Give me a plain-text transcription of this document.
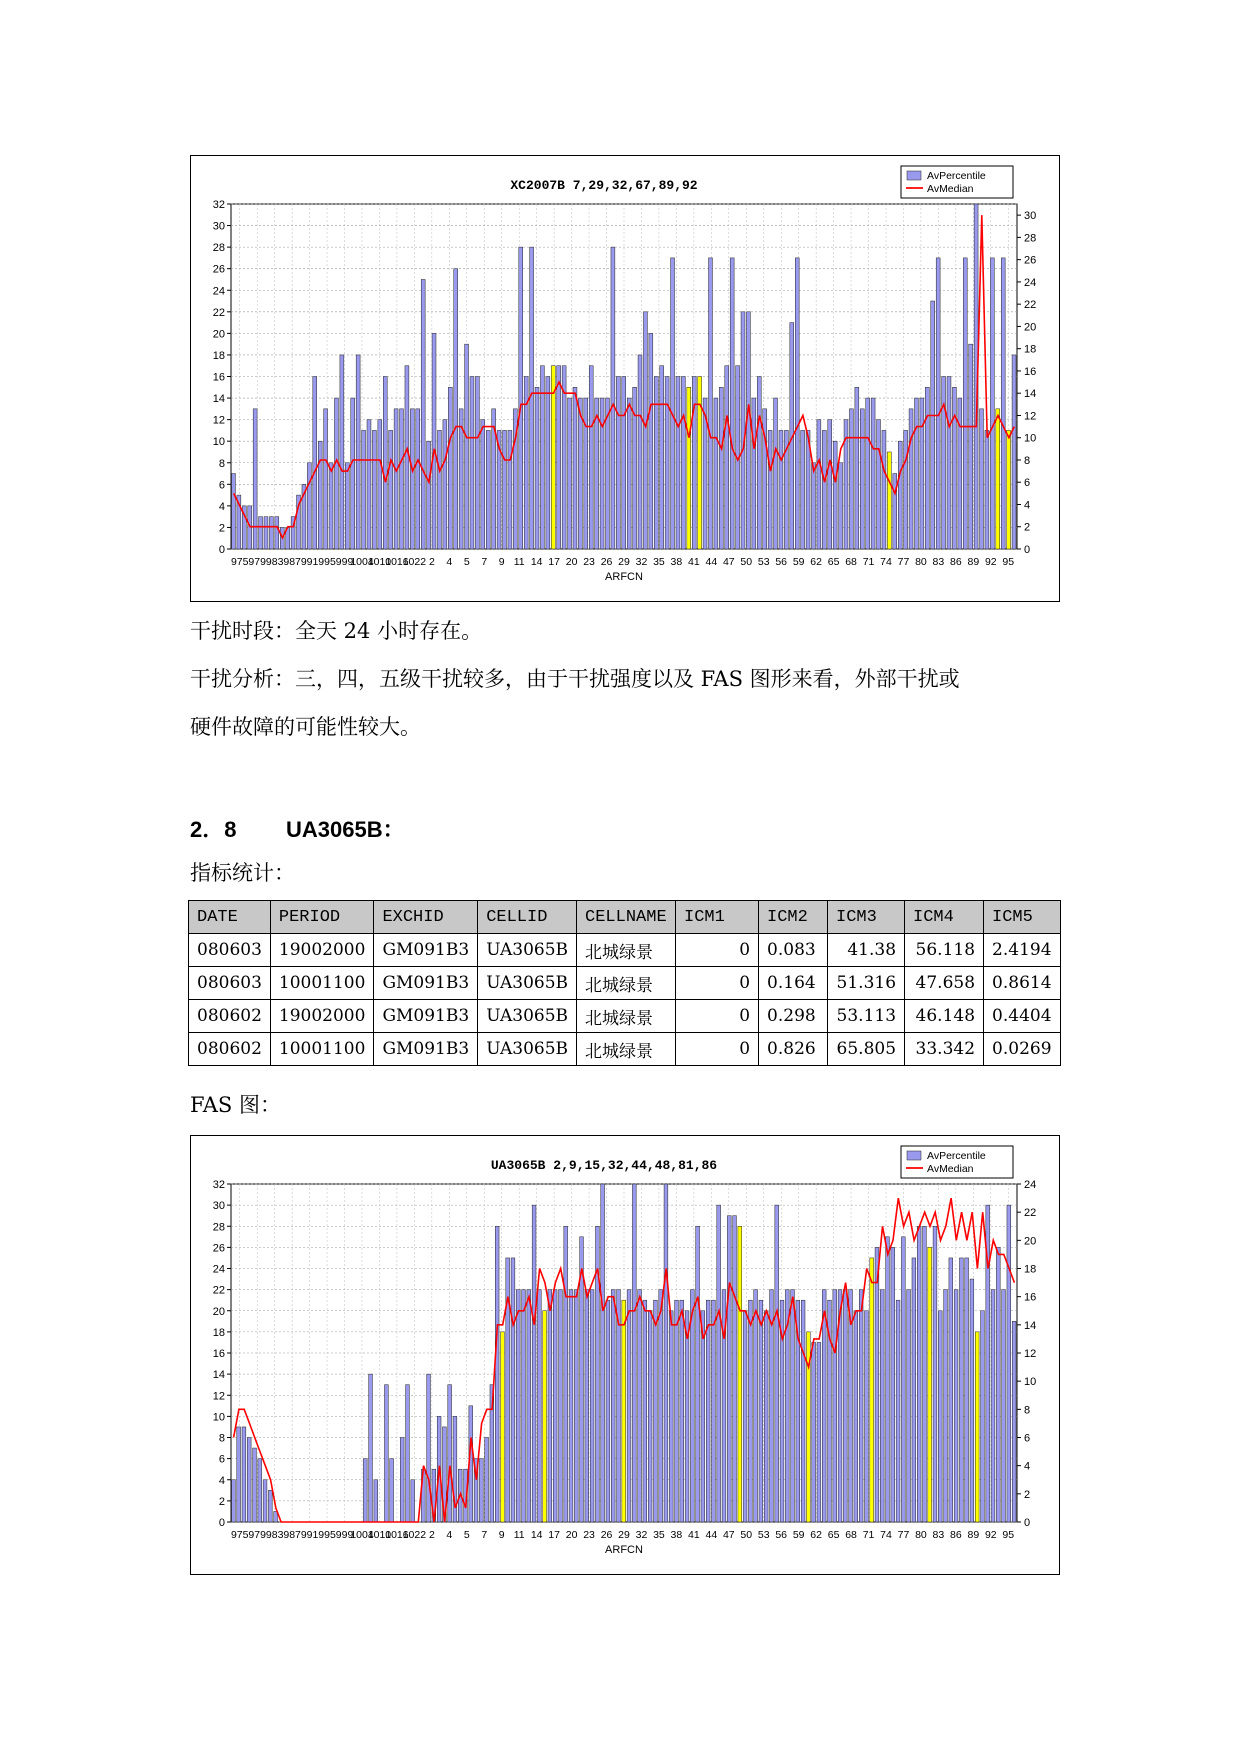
0
2
4
6
8
10
12
14
16
18
20
22
24
26
28
30
32
0
2
4
6
8
10
12
14
16
18
20
22
24
26
28
30
975 979 983 987 991 995 999
1004
1010
1016
1022 2 4 5 7 9 11 14 17 20 23 26 29 32 35 38 41 44 47 50 53 56 59 62 65 68 71 74 77 80 83 86 89 92 95
ARFCN
XC2007B 7,29,32,67,89,92
AvPercentile
AvMedian
干扰时段：全天 24 小时存在。
干扰分析：三，四，五级干扰较多，由于干扰强度以及 FAS 图形来看，外部干扰或
硬件故障的可能性较大。
2．8 UA3065B：
指标统计：
DATE	PERIOD	EXCHID	CELLID	CELLNAME	ICM1	ICM2	ICM3	ICM4	ICM5
080603	19002000	GM091B3	UA3065B	北城绿景	0	0.083	41.38	56.118	2.4194
080603	10001100	GM091B3	UA3065B	北城绿景	0	0.164	51.316	47.658	0.8614
080602	19002000	GM091B3	UA3065B	北城绿景	0	0.298	53.113	46.148	0.4404
080602	10001100	GM091B3	UA3065B	北城绿景	0	0.826	65.805	33.342	0.0269
FAS 图：
0
2
4
6
8
10
12
14
16
18
20
22
24
26
28
30
32
0
2
4
6
8
10
12
14
16
18
20
22
24
975 979 983 987 991 995 999
1004
1010
1016
1022 2 4 5 7 9 11 14 17 20 23 26 29 32 35 38 41 44 47 50 53 56 59 62 65 68 71 74 77 80 83 86 89 92 95
ARFCN
UA3065B 2,9,15,32,44,48,81,86
AvPercentile
AvMedian
